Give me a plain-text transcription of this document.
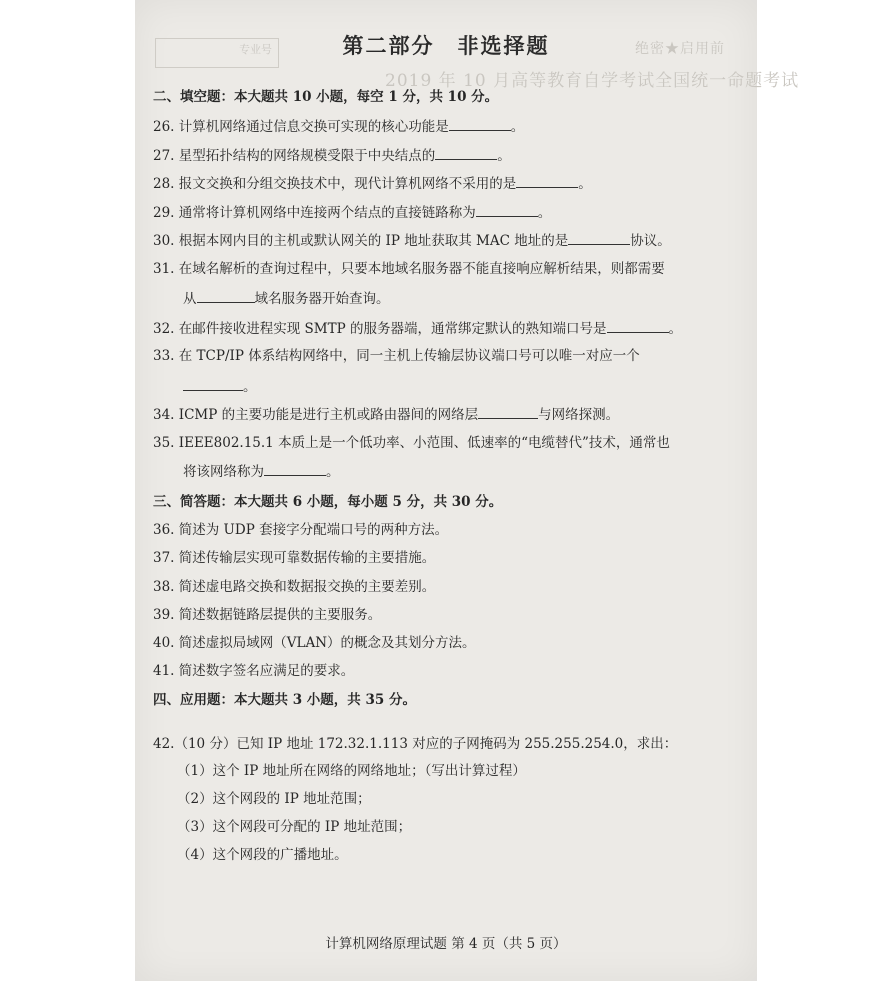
专业号	绝密★启用前
2019 年 10 月高等教育自学考试全国统一命题考试
第二部分　非选择题
二、填空题：本大题共 10 小题，每空 1 分，共 10 分。
26. 计算机网络通过信息交换可实现的核心功能是	。
27. 星型拓扑结构的网络规模受限于中央结点的	。
28. 报文交换和分组交换技术中，现代计算机网络不采用的是	。
29. 通常将计算机网络中连接两个结点的直接链路称为	。
30. 根据本网内目的主机或默认网关的 IP 地址获取其 MAC 地址的是	协议。
31. 在域名解析的查询过程中，只要本地域名服务器不能直接响应解析结果，则都需要
从	域名服务器开始查询。
32. 在邮件接收进程实现 SMTP 的服务器端，通常绑定默认的熟知端口号是	。
33. 在 TCP/IP 体系结构网络中，同一主机上传输层协议端口号可以唯一对应一个
。
34. ICMP 的主要功能是进行主机或路由器间的网络层	与网络探测。
35. IEEE802.15.1 本质上是一个低功率、小范围、低速率的“电缆替代”技术，通常也
将该网络称为	。
三、简答题：本大题共 6 小题，每小题 5 分，共 30 分。
36. 简述为 UDP 套接字分配端口号的两种方法。
37. 简述传输层实现可靠数据传输的主要措施。
38. 简述虚电路交换和数据报交换的主要差别。
39. 简述数据链路层提供的主要服务。
40. 简述虚拟局域网（VLAN）的概念及其划分方法。
41. 简述数字签名应满足的要求。
四、应用题：本大题共 3 小题，共 35 分。
42.（10 分）已知 IP 地址 172.32.1.113 对应的子网掩码为 255.255.254.0，求出：
（1）这个 IP 地址所在网络的网络地址；（写出计算过程）
（2）这个网段的 IP 地址范围；
（3）这个网段可分配的 IP 地址范围；
（4）这个网段的广播地址。
计算机网络原理试题 第 4 页（共 5 页）
